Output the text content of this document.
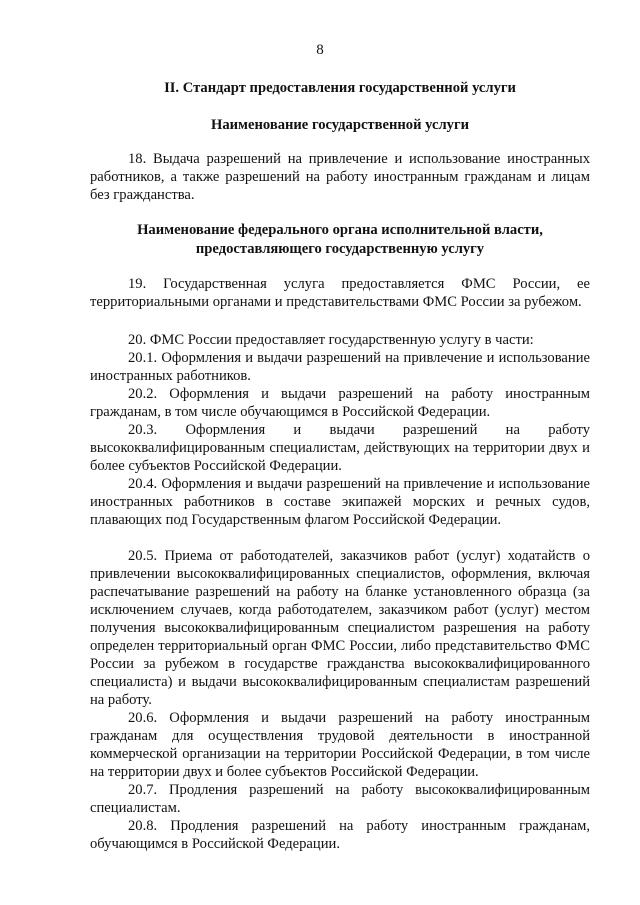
8
II. Стандарт предоставления государственной услуги
Наименование государственной услуги
18. Выдача разрешений на привлечение и использование иностранных работников, а также разрешений на работу иностранным гражданам и лицам без гражданства.
Наименование федерального органа исполнительной власти, предоставляющего государственную услугу
19. Государственная услуга предоставляется ФМС России, ее территориальными органами и представительствами ФМС России за рубежом.
20. ФМС России предоставляет государственную услугу в части:
20.1. Оформления и выдачи разрешений на привлечение и использование иностранных работников.
20.2. Оформления и выдачи разрешений на работу иностранным гражданам, в том числе обучающимся в Российской Федерации.
20.3. Оформления и выдачи разрешений на работу высококвалифицированным специалистам, действующих на территории двух и более субъектов Российской Федерации.
20.4. Оформления и выдачи разрешений на привлечение и использование иностранных работников в составе экипажей морских и речных судов, плавающих под Государственным флагом Российской Федерации.
20.5. Приема от работодателей, заказчиков работ (услуг) ходатайств о привлечении высококвалифицированных специалистов, оформления, включая распечатывание разрешений на работу на бланке установленного образца (за исключением случаев, когда работодателем, заказчиком работ (услуг) местом получения высококвалифицированным специалистом разрешения на работу определен территориальный орган ФМС России, либо представительство ФМС России за рубежом в государстве гражданства высококвалифицированного специалиста) и выдачи высококвалифицированным специалистам разрешений на работу.
20.6. Оформления и выдачи разрешений на работу иностранным гражданам для осуществления трудовой деятельности в иностранной коммерческой организации на территории Российской Федерации, в том числе на территории двух и более субъектов Российской Федерации.
20.7. Продления разрешений на работу высококвалифицированным специалистам.
20.8. Продления разрешений на работу иностранным гражданам, обучающимся в Российской Федерации.
